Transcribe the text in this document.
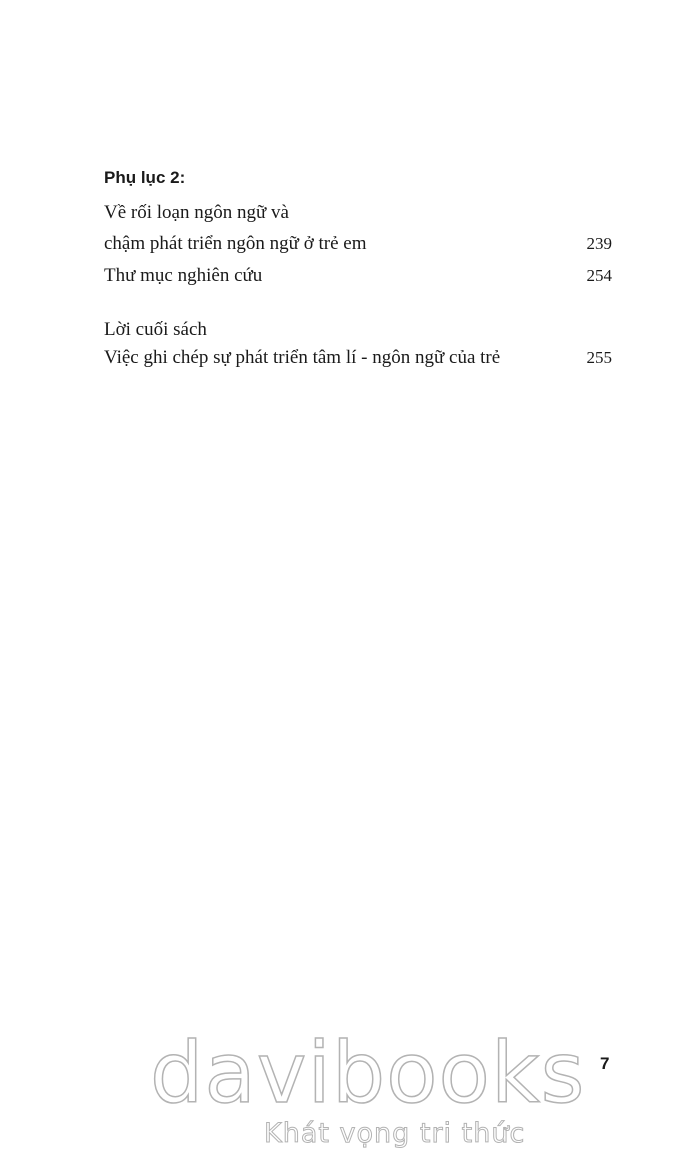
Phụ lục 2:
Về rối loạn ngôn ngữ và
chậm phát triển ngôn ngữ ở trẻ em	239
Thư mục nghiên cứu	254
Lời cuối sách
Việc ghi chép sự phát triển tâm lí - ngôn ngữ của trẻ	255
7
davibooks
Khát vọng tri thức
